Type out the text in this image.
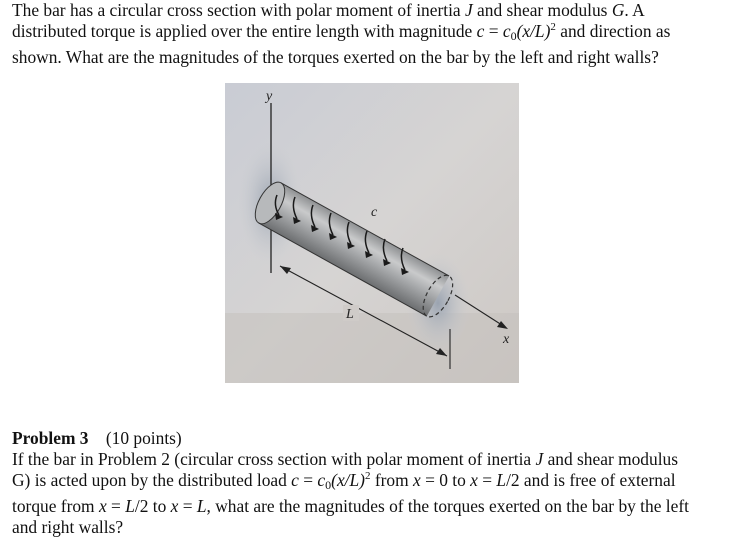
The bar has a circular cross section with polar moment of inertia J and shear modulus G. A
distributed torque is applied over the entire length with magnitude $c = c0(x/L)^2$ and direction as
shown. What are the magnitudes of the torques exerted on the bar by the left and right walls?
y
c
L
x
Problem 3 (10 points)
If the bar in Problem 2 (circular cross section with polar moment of inertia J and shear modulus
G) is acted upon by the distributed load $c = c0(x/L)^2$ from x = 0 to x = L/2 and is free of external
torque from x = L/2 to x = L, what are the magnitudes of the torques exerted on the bar by the left
and right walls?
